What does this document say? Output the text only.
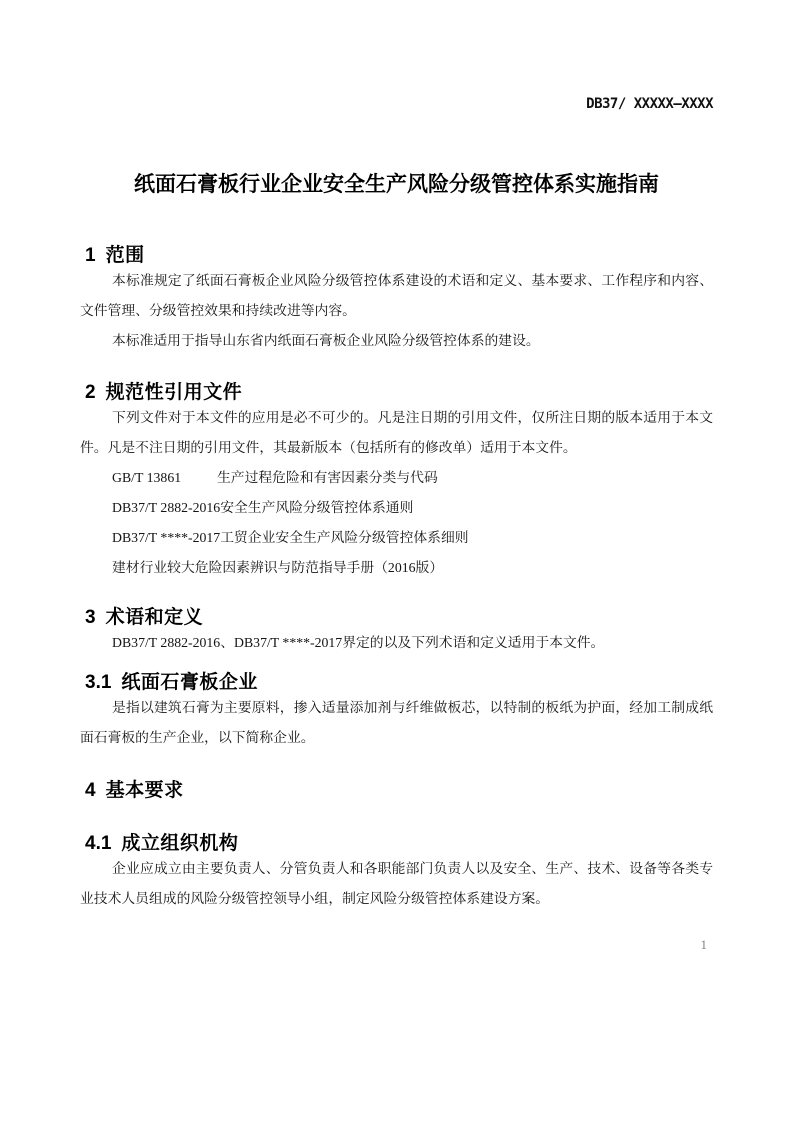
DB37/ XXXXX—XXXX
纸面石膏板行业企业安全生产风险分级管控体系实施指南
1 范围

本标准规定了纸面石膏板企业风险分级管控体系建设的术语和定义、基本要求、工作程序和内容、文件管理、分级管控效果和持续改进等内容。

本标准适用于指导山东省内纸面石膏板企业风险分级管控体系的建设。

2 规范性引用文件

下列文件对于本文件的应用是必不可少的。凡是注日期的引用文件，仅所注日期的版本适用于本文件。凡是不注日期的引用文件，其最新版本（包括所有的修改单）适用于本文件。

GB/T 13861	生产过程危险和有害因素分类与代码
DB37/T 2882-2016安全生产风险分级管控体系通则
DB37/T ****-2017工贸企业安全生产风险分级管控体系细则
建材行业较大危险因素辨识与防范指导手册（2016版）
3 术语和定义

DB37/T 2882-2016、DB37/T ****-2017界定的以及下列术语和定义适用于本文件。

3.1 纸面石膏板企业

是指以建筑石膏为主要原料，掺入适量添加剂与纤维做板芯，以特制的板纸为护面，经加工制成纸面石膏板的生产企业，以下简称企业。

4 基本要求
4.1 成立组织机构

企业应成立由主要负责人、分管负责人和各职能部门负责人以及安全、生产、技术、设备等各类专业技术人员组成的风险分级管控领导小组，制定风险分级管控体系建设方案。

1
